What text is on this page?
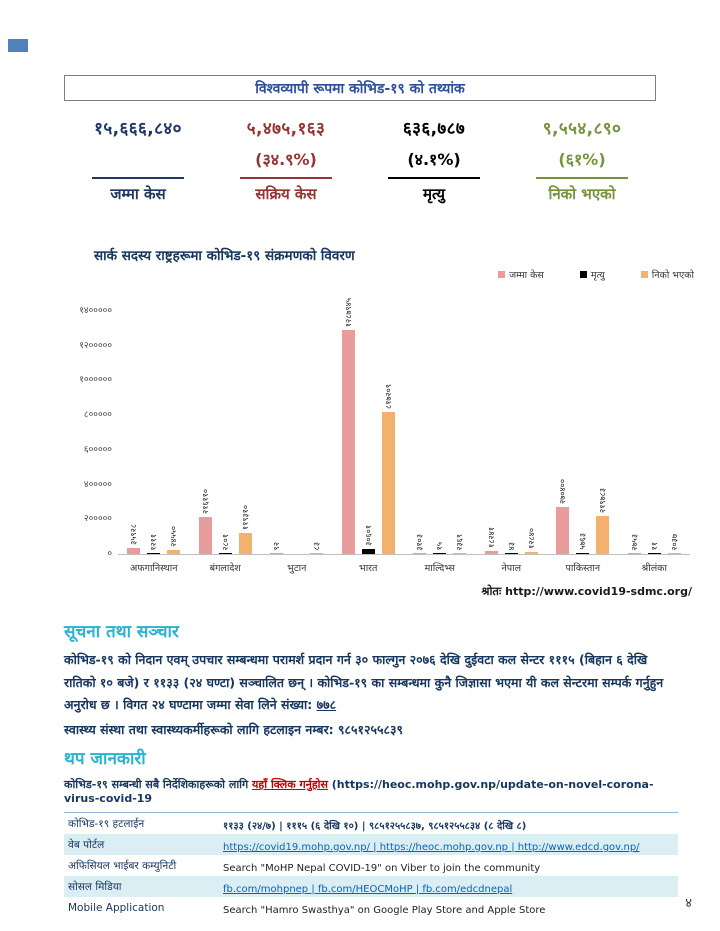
विश्वव्यापी रूपमा कोभिड-१९ को तथ्यांक
१५,६६६,८४०
जम्मा केस
५,४७५,१६३
(३४.९%)
सक्रिय केस
६३६,७८७
(४.१%)
मृत्यु
९,५५४,८९०
(६१%)
निको भएको
सार्क सदस्य राष्ट्रहरूमा कोभिड-१९ संक्रमणको विवरण
जम्मा केस	मृत्यु	निको भएको
०
२०००००
४०००००
६०००००
८०००००
१००००००
१२०००००
१४०००००
अफगानिस्थान	बंगलादेश	भुटान	भारत	माल्दिभ्स	नेपाल	पाकिस्तान	श्रीलंका
३५९२८
२१६११०
९२
१२८७९४५
३१०३	१८२४१
२७०४००
२७५३
१२११	२८०१	३०६०१
१५	४३	५७६३	११
२४५५०
११९३१०
८३
८१७२०९
२३६९	१२८४०
२१९७८३
२०३७
श्रोतः http://www.covid19-sdmc.org/
सूचना तथा सञ्चार

कोभिड-१९ को निदान एवम् उपचार सम्बन्धमा परामर्श प्रदान गर्न ३० फाल्गुन २०७६ देखि दुईवटा कल सेन्टर १११५ (बिहान ६ देखि रातिको १० बजे) र ११३३ (२४ घण्टा) सञ्चालित छन् । कोभिड-१९ का सम्बन्धमा कुनै जिज्ञासा भएमा यी कल सेन्टरमा सम्पर्क गर्नुहुन अनुरोध छ । विगत २४ घण्टामा जम्मा सेवा लिने संख्या: ७७८

स्वास्थ्य संस्था तथा स्वास्थ्यकर्मीहरूको लागि हटलाइन नम्बर: ९८५१२५५८३९

थप जानकारी
कोभिड-१९ सम्बन्धी सबै निर्देशिकाहरूको लागि यहाँ क्लिक गर्नुहोस (https://heoc.mohp.gov.np/update-on-novel-corona-virus-covid-19
कोभिड-१९ हटलाईन	११३३ (२४/७) | १११५ (६ देखि १०) | ९८५१२५५८३७, ९८५१२५५८३४ (८ देखि ८)
वेब पोर्टल	https://covid19.mohp.gov.np/ | https://heoc.mohp.gov.np | http://www.edcd.gov.np/
अफिसियल भाईबर कम्युनिटी	Search "MoHP Nepal COVID-19" on Viber to join the community
सोसल मिडिया	fb.com/mohpnep | fb.com/HEOCMoHP | fb.com/edcdnepal
Mobile Application	Search "Hamro Swasthya" on Google Play Store and Apple Store	४
